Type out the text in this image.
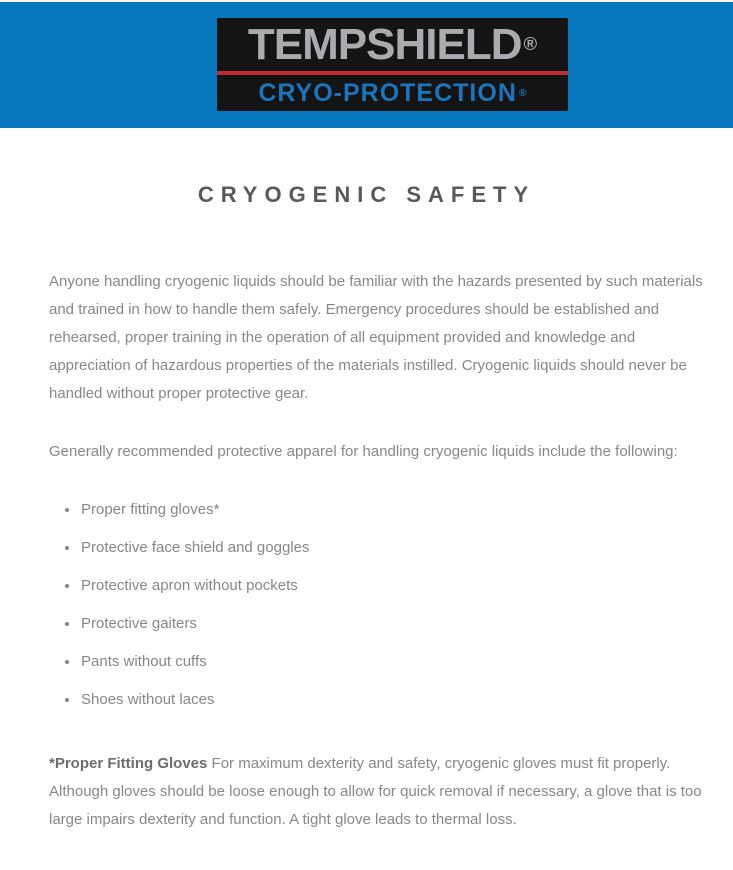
TEMPSHIELD ®
CRYO-PROTECTION ®
CRYOGENIC SAFETY

Anyone handling cryogenic liquids should be familiar with the hazards presented by such materials and trained in how to handle them safely. Emergency procedures should be established and rehearsed, proper training in the operation of all equipment provided and knowledge and appreciation of hazardous properties of the materials instilled. Cryogenic liquids should never be handled without proper protective gear.

Generally recommended protective apparel for handling cryogenic liquids include the following:

• Proper fitting gloves*
• Protective face shield and goggles
• Protective apron without pockets
• Protective gaiters
• Pants without cuffs
• Shoes without laces

*Proper Fitting Gloves For maximum dexterity and safety, cryogenic gloves must fit properly. Although gloves should be loose enough to allow for quick removal if necessary, a glove that is too large impairs dexterity and function. A tight glove leads to thermal loss.
